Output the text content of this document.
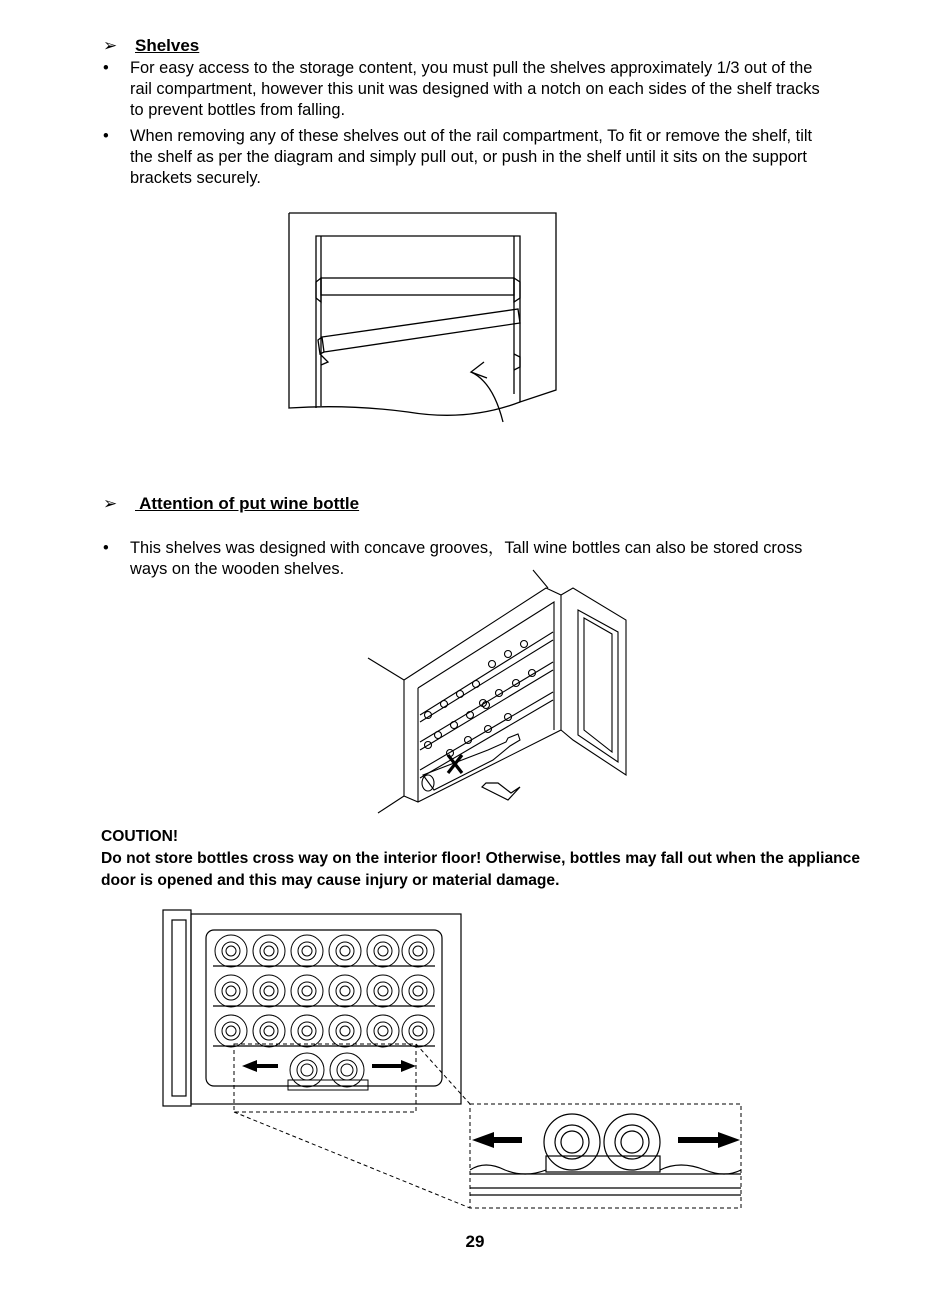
➢ Shelves
• For easy access to the storage content, you must pull the shelves approximately 1/3 out of the rail compartment, however this unit was designed with a notch on each sides of the shelf tracks to prevent bottles from falling.
• When removing any of these shelves out of the rail compartment, To fit or remove the shelf, tilt the shelf as per the diagram and simply pull out, or push in the shelf until it sits on the support brackets securely.
➢ Attention of put wine bottle
• This shelves was designed with concave grooves，Tall wine bottles can also be stored cross ways on the wooden shelves.
COUTION!
Do not store bottles cross way on the interior floor! Otherwise, bottles may fall out when the appliance door is opened and this may cause injury or material damage.
29
